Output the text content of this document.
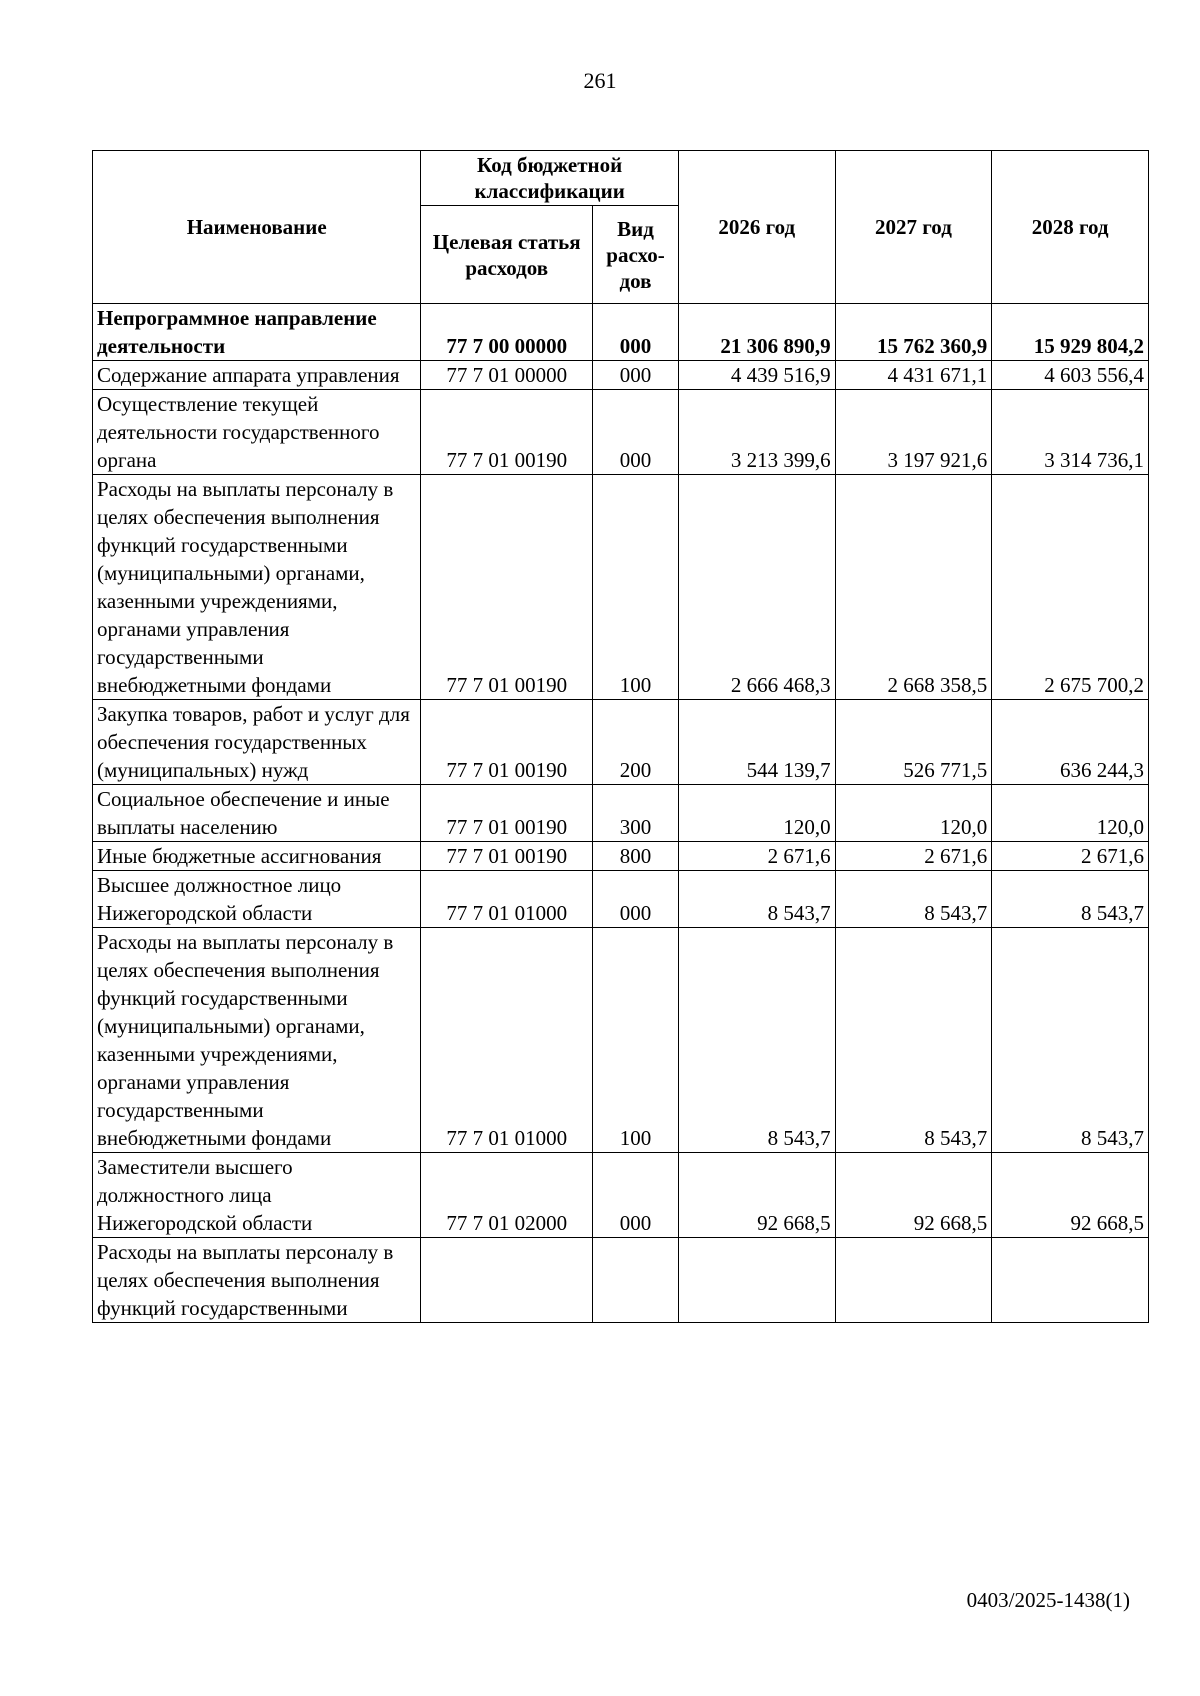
261
Наименование	Код бюджетной классификации		2026 год	2027 год	2028 год
	Целевая статья расходов	Вид расхо-дов			
Непрограммное направление деятельности	77 7 00 00000	000	21 306 890,9	15 762 360,9	15 929 804,2
Содержание аппарата управления	77 7 01 00000	000	4 439 516,9	4 431 671,1	4 603 556,4
Осуществление текущей деятельности государственного органа	77 7 01 00190	000	3 213 399,6	3 197 921,6	3 314 736,1
Расходы на выплаты персоналу в целях обеспечения выполнения функций государственными (муниципальными) органами, казенными учреждениями, органами управления государственными внебюджетными фондами	77 7 01 00190	100	2 666 468,3	2 668 358,5	2 675 700,2
Закупка товаров, работ и услуг для обеспечения государственных (муниципальных) нужд	77 7 01 00190	200	544 139,7	526 771,5	636 244,3
Социальное обеспечение и иные выплаты населению	77 7 01 00190	300	120,0	120,0	120,0
Иные бюджетные ассигнования	77 7 01 00190	800	2 671,6	2 671,6	2 671,6
Высшее должностное лицо Нижегородской области	77 7 01 01000	000	8 543,7	8 543,7	8 543,7
Расходы на выплаты персоналу в целях обеспечения выполнения функций государственными (муниципальными) органами, казенными учреждениями, органами управления государственными внебюджетными фондами	77 7 01 01000	100	8 543,7	8 543,7	8 543,7
Заместители высшего должностного лица Нижегородской области	77 7 01 02000	000	92 668,5	92 668,5	92 668,5
Расходы на выплаты персоналу в целях обеспечения выполнения функций государственными					
0403/2025-1438(1)
